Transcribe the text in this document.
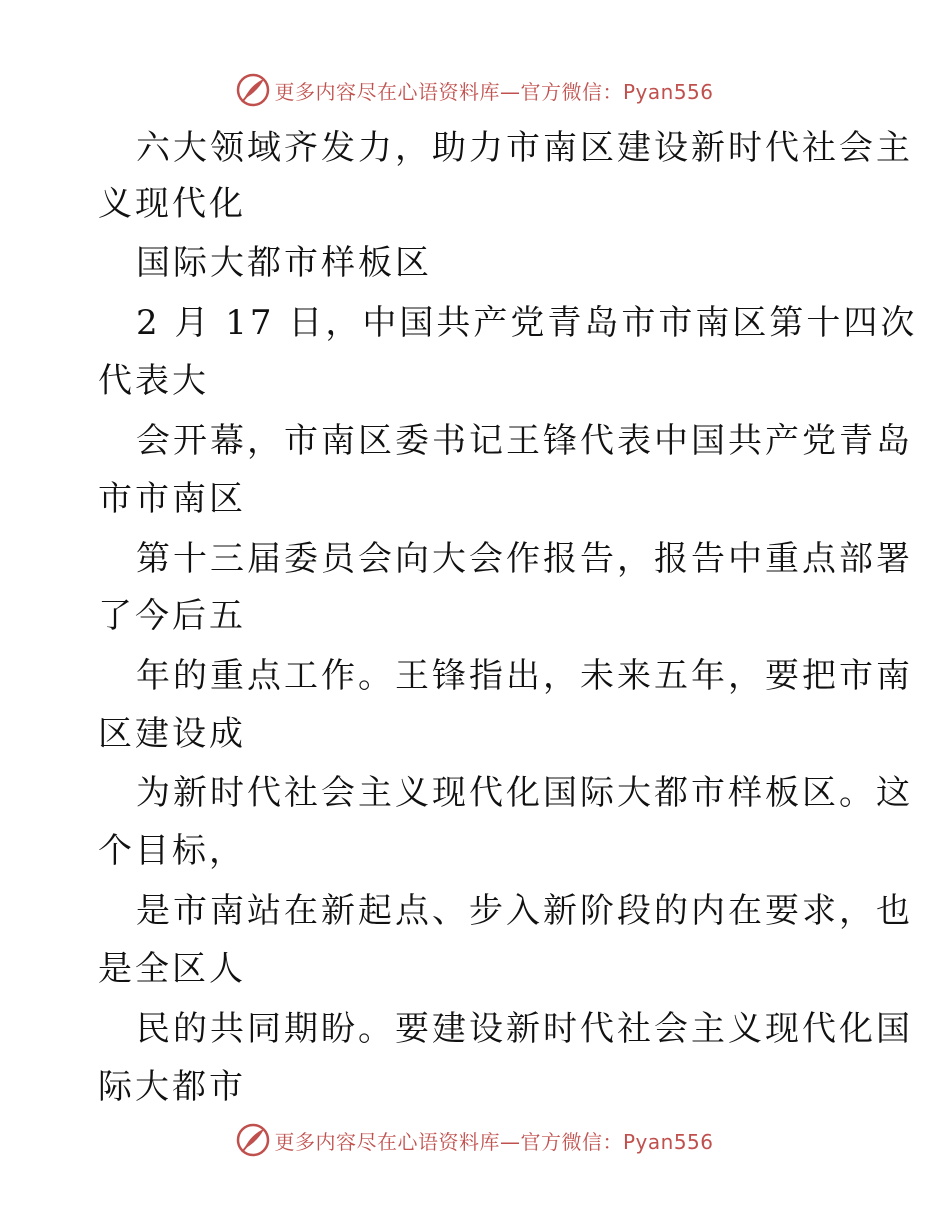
更多内容尽在心语资料库—官方微信：Pyan556
六大领域齐发力，助力市南区建设新时代社会主
义现代化
国际大都市样板区
2 月 17 日，中国共产党青岛市市南区第十四次
代表大
会开幕，市南区委书记王锋代表中国共产党青岛
市市南区
第十三届委员会向大会作报告，报告中重点部署
了今后五
年的重点工作。王锋指出，未来五年，要把市南
区建设成
为新时代社会主义现代化国际大都市样板区。这
个目标，
是市南站在新起点、步入新阶段的内在要求，也
是全区人
民的共同期盼。要建设新时代社会主义现代化国
际大都市
更多内容尽在心语资料库—官方微信：Pyan556
